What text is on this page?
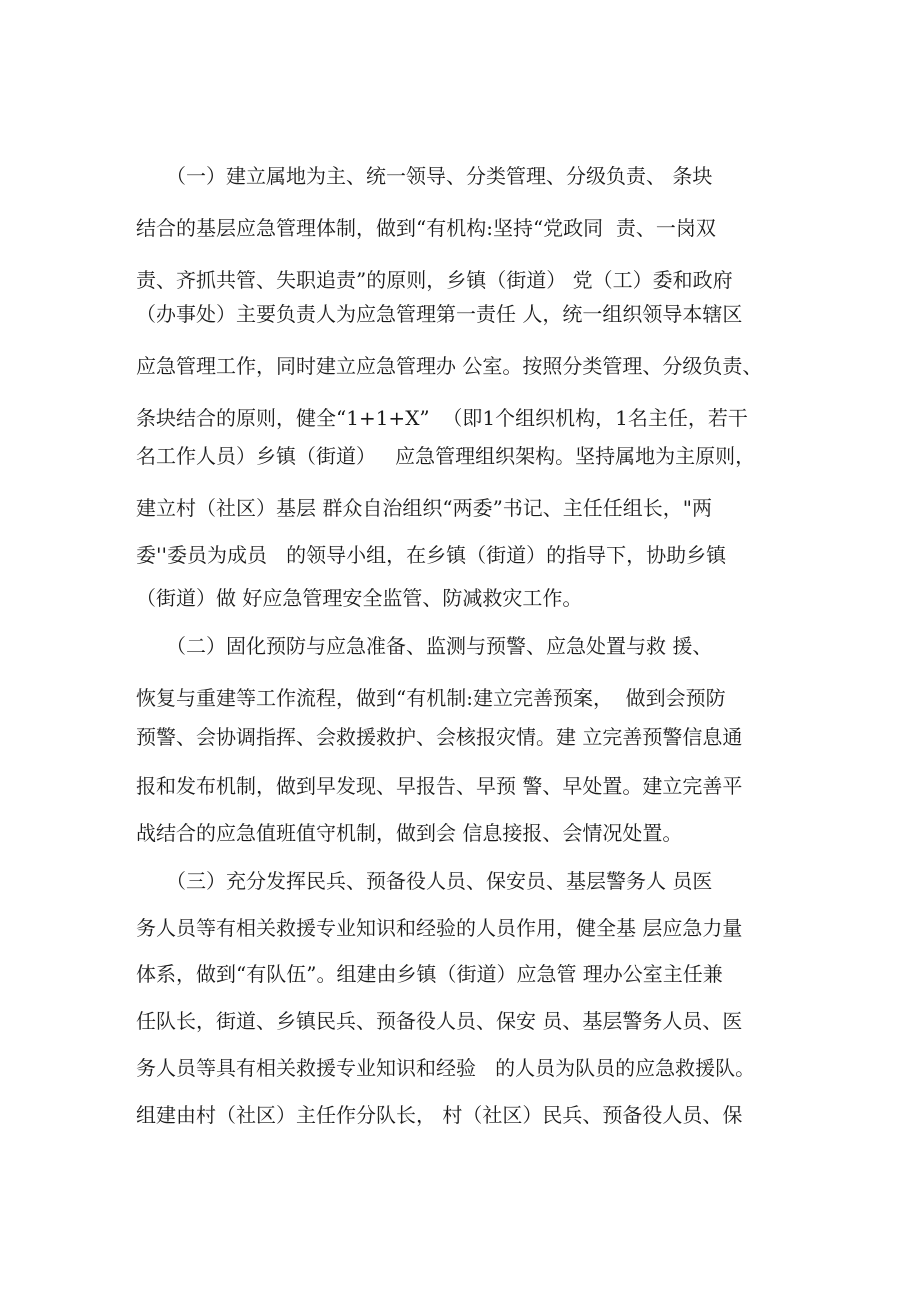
　　（一）建立属地为主、统一领导、分类管理、分级负责、 条块
结合的基层应急管理体制，做到“有机构:坚持“党政同  责、一岗双
责、齐抓共管、失职追责”的原则，乡镇（街道） 党（工）委和政府
（办事处）主要负责人为应急管理第一责任 人，统一组织领导本辖区
应急管理工作，同时建立应急管理办 公室。按照分类管理、分级负责、
条块结合的原则，健全“1+1+X”  （即1个组织机构，1名主任，若干
名工作人员）乡镇（街道）   应急管理组织架构。坚持属地为主原则，
建立村（社区）基层 群众自治组织“两委”书记、主任任组长，"两
委''委员为成员   的领导小组，在乡镇（街道）的指导下，协助乡镇
（街道）做 好应急管理安全监管、防减救灾工作。
　　（二）固化预防与应急准备、监测与预警、应急处置与救 援、
恢复与重建等工作流程，做到“有机制:建立完善预案，  做到会预防
预警、会协调指挥、会救援救护、会核报灾情。建 立完善预警信息通
报和发布机制，做到早发现、早报告、早预 警、早处置。建立完善平
战结合的应急值班值守机制，做到会 信息接报、会情况处置。
　　（三）充分发挥民兵、预备役人员、保安员、基层警务人 员医
务人员等有相关救援专业知识和经验的人员作用，健全基 层应急力量
体系，做到“有队伍”。组建由乡镇（街道）应急管 理办公室主任兼
任队长，街道、乡镇民兵、预备役人员、保安 员、基层警务人员、医
务人员等具有相关救援专业知识和经验   的人员为队员的应急救援队。
组建由村（社区）主任作分队长， 村（社区）民兵、预备役人员、保
